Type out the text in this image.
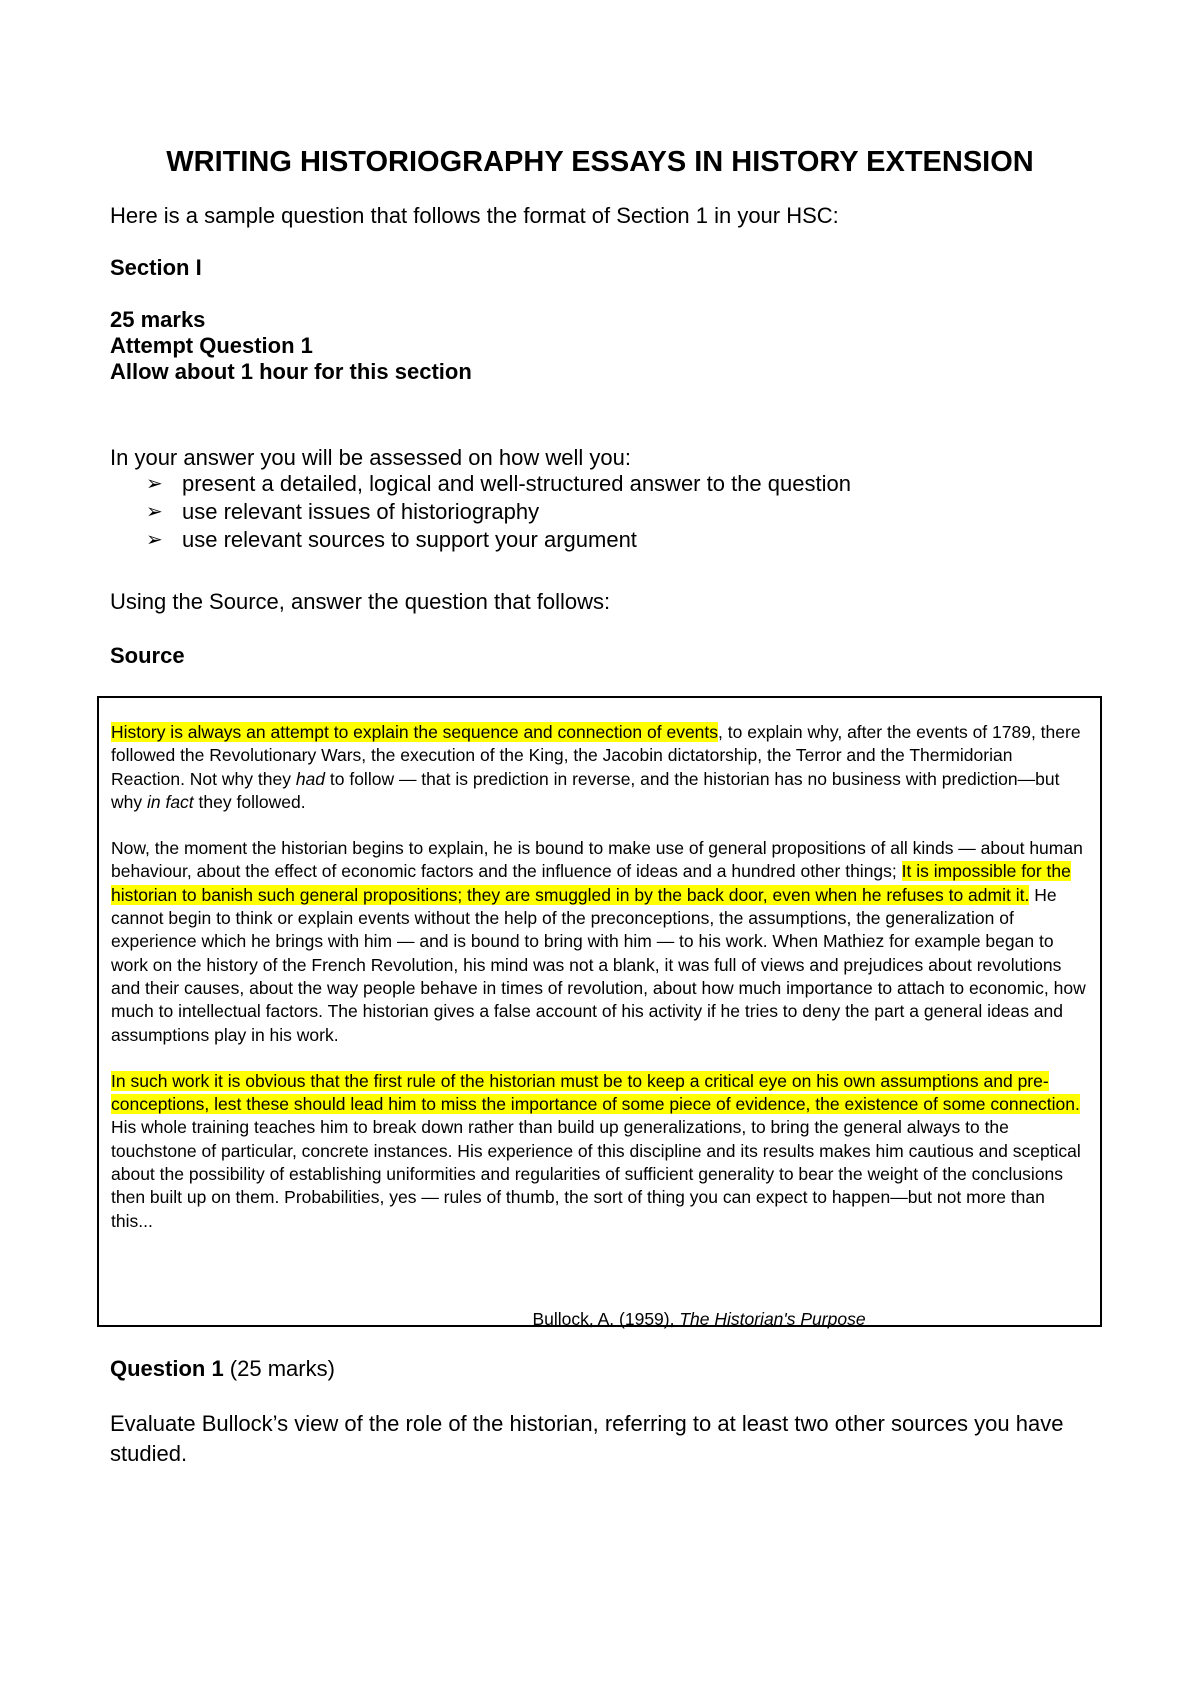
WRITING HISTORIOGRAPHY ESSAYS IN HISTORY EXTENSION
Here is a sample question that follows the format of Section 1 in your HSC:
Section I
25 marks
Attempt Question 1
Allow about 1 hour for this section
In your answer you will be assessed on how well you:
➢ present a detailed, logical and well-structured answer to the question
➢ use relevant issues of historiography
➢ use relevant sources to support your argument
Using the Source, answer the question that follows:
Source

History is always an attempt to explain the sequence and connection of events, to explain why, after the events of 1789, there followed the Revolutionary Wars, the execution of the King, the Jacobin dictatorship, the Terror and the Thermidorian Reaction. Not why they had to follow — that is prediction in reverse, and the historian has no business with prediction—but why in fact they followed.

Now, the moment the historian begins to explain, he is bound to make use of general propositions of all kinds — about human behaviour, about the effect of economic factors and the influence of ideas and a hundred other things; It is impossible for the historian to banish such general propositions; they are smuggled in by the back door, even when he refuses to admit it. He cannot begin to think or explain events without the help of the preconceptions, the assumptions, the generalization of experience which he brings with him — and is bound to bring with him — to his work. When Mathiez for example began to work on the history of the French Revolution, his mind was not a blank, it was full of views and prejudices about revolutions and their causes, about the way people behave in times of revolution, about how much importance to attach to economic, how much to intellectual factors. The historian gives a false account of his activity if he tries to deny the part a general ideas and assumptions play in his work.

In such work it is obvious that the first rule of the historian must be to keep a critical eye on his own assumptions and pre-conceptions, lest these should lead him to miss the importance of some piece of evidence, the existence of some connection. His whole training teaches him to break down rather than build up generalizations, to bring the general always to the touchstone of particular, concrete instances. His experience of this discipline and its results makes him cautious and sceptical about the possibility of establishing uniformities and regularities of sufficient generality to bear the weight of the conclusions then built up on them. Probabilities, yes — rules of thumb, the sort of thing you can expect to happen—but not more than this...

Bullock, A. (1959), The Historian's Purpose
Question 1 (25 marks)
Evaluate Bullock’s view of the role of the historian, referring to at least two other sources you have studied.
